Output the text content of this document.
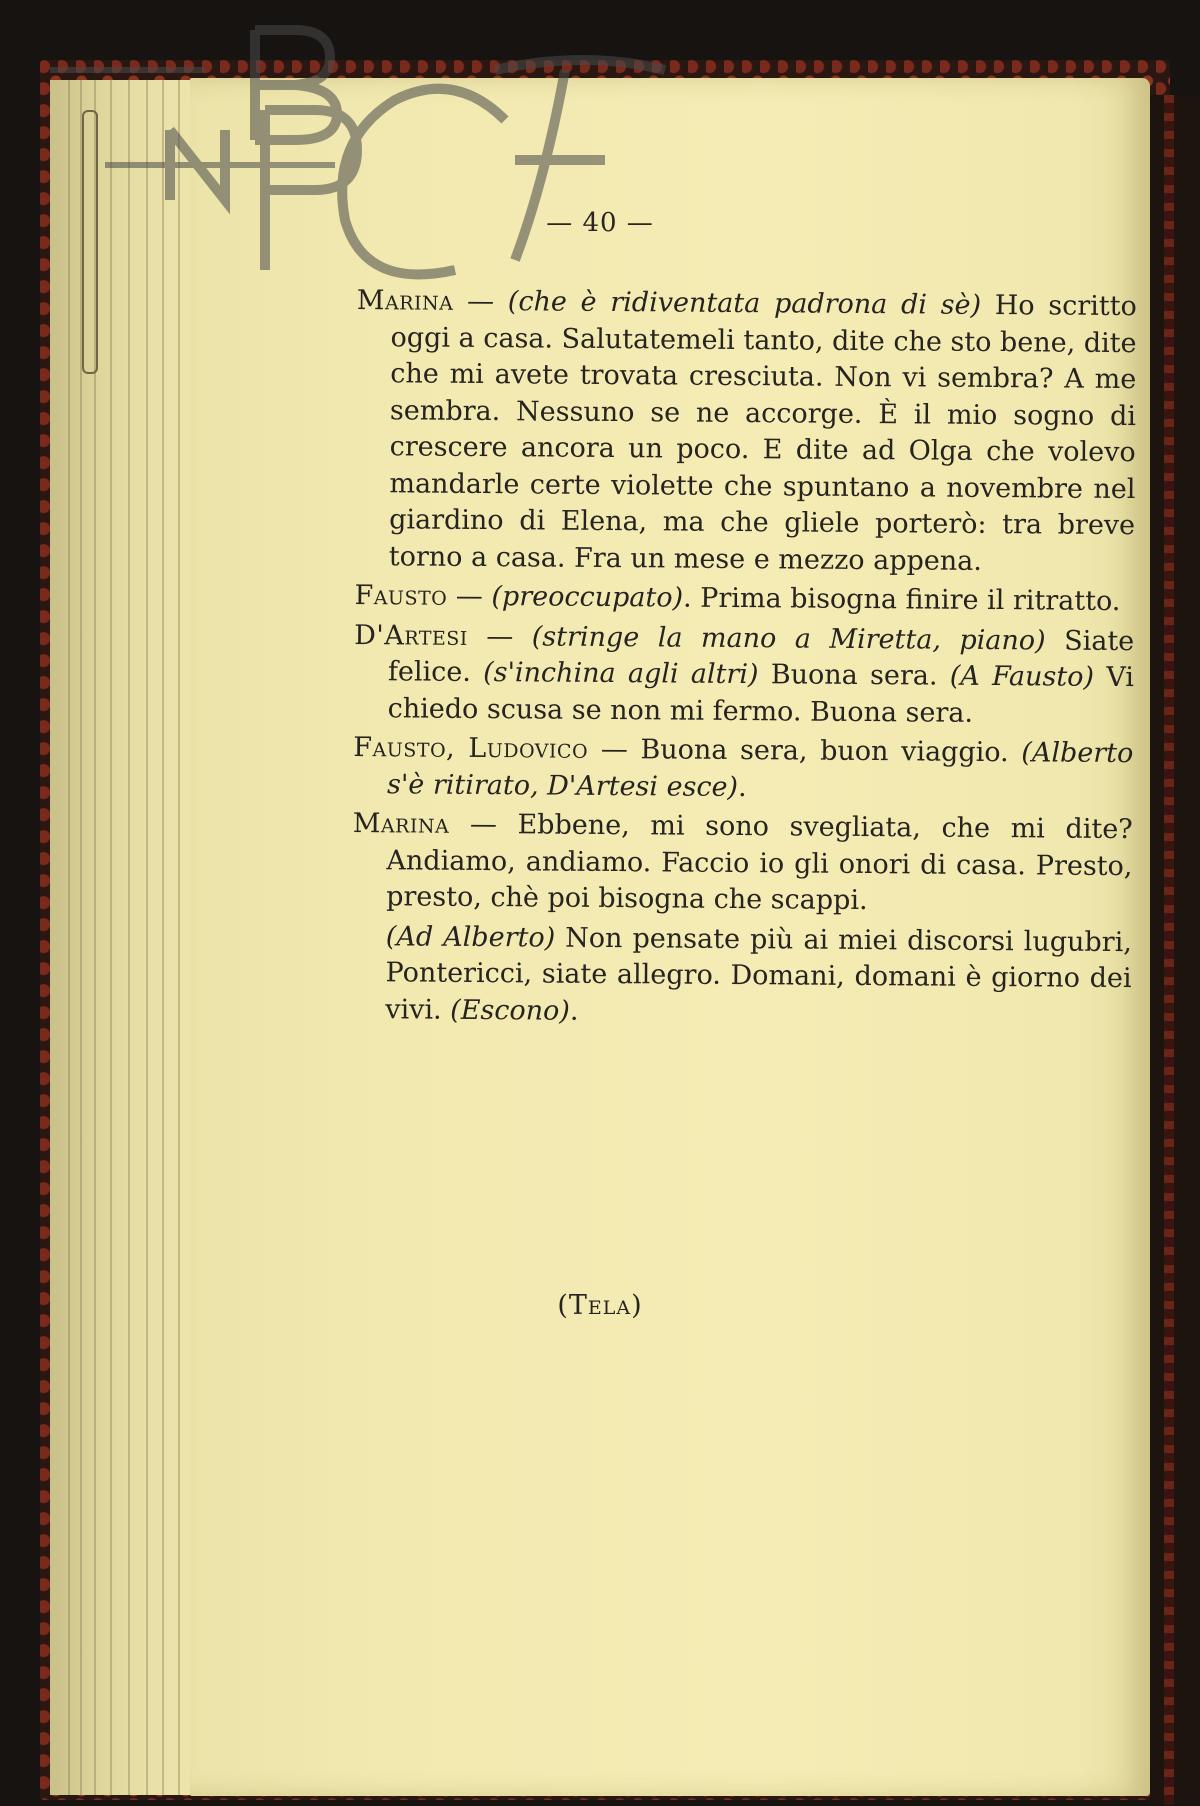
— 40 —

Marina — (che è ridiventata padrona di sè) Ho scritto oggi a casa. Salutatemeli tanto, dite che sto bene, dite che mi avete trovata cresciuta. Non vi sembra? A me sembra. Nessuno se ne accorge. È il mio sogno di crescere ancora un poco. E dite ad Olga che volevo mandarle certe violette che spuntano a novembre nel giardino di Elena, ma che gliele porterò: tra breve torno a casa. Fra un mese e mezzo appena.

Fausto — (preoccupato). Prima bisogna finire il ritratto.

D'Artesi — (stringe la mano a Miretta, piano) Siate felice. (s'inchina agli altri) Buona sera. (A Fausto) Vi chiedo scusa se non mi fermo. Buona sera.

Fausto, Ludovico — Buona sera, buon viaggio. (Alberto s'è ritirato, D'Artesi esce).

Marina — Ebbene, mi sono svegliata, che mi dite? Andiamo, andiamo. Faccio io gli onori di casa. Presto, presto, chè poi bisogna che scappi.

(Ad Alberto) Non pensate più ai miei discorsi lugubri, Pontericci, siate allegro. Domani, domani è giorno dei vivi. (Escono).

(Tela)
